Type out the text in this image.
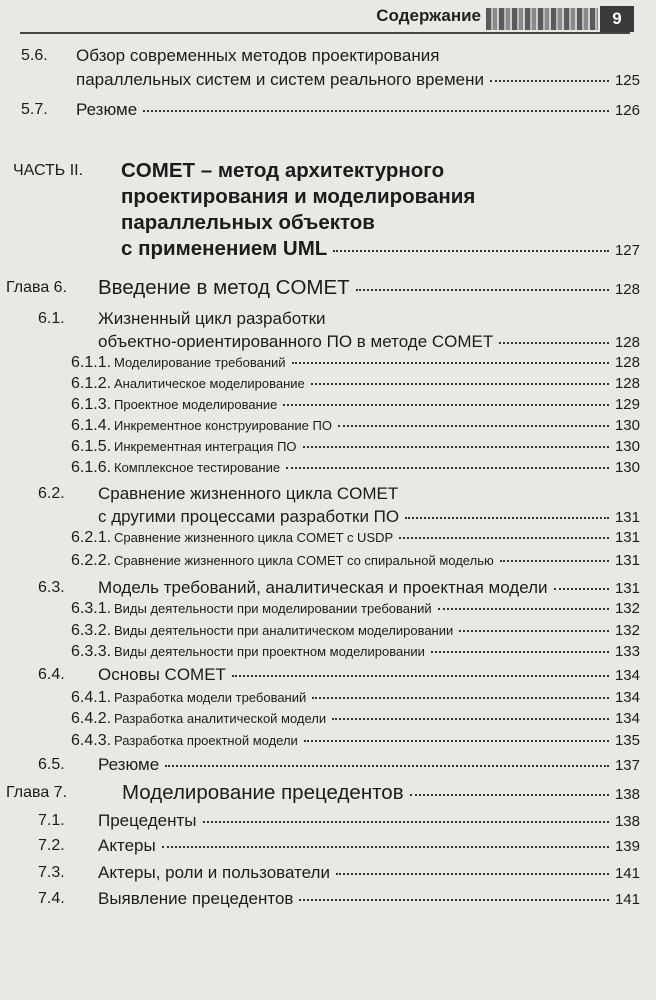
Содержание	9
5.6. Обзор современных методов проектирования
параллельных систем и систем реального времени	125
5.7. Резюме	126
ЧАСТЬ II. COMET – метод архитектурного
проектирования и моделирования
параллельных объектов
с применением UML	127
Глава 6. Введение в метод COMET	128
6.1. Жизненный цикл разработки
объектно-ориентированного ПО в методе COMET	128
6.1.1. Моделирование требований	128
6.1.2. Аналитическое моделирование	128
6.1.3. Проектное моделирование	129
6.1.4. Инкрементное конструирование ПО	130
6.1.5. Инкрементная интеграция ПО	130
6.1.6. Комплексное тестирование	130
6.2. Сравнение жизненного цикла COMET
с другими процессами разработки ПО	131
6.2.1. Сравнение жизненного цикла COMET с USDP	131
6.2.2. Сравнение жизненного цикла COMET со спиральной моделью	131
6.3. Модель требований, аналитическая и проектная модели	131
6.3.1. Виды деятельности при моделировании требований	132
6.3.2. Виды деятельности при аналитическом моделировании	132
6.3.3. Виды деятельности при проектном моделировании	133
6.4. Основы COMET	134
6.4.1. Разработка модели требований	134
6.4.2. Разработка аналитической модели	134
6.4.3. Разработка проектной модели	135
6.5. Резюме	137
Глава 7.	Моделирование прецедентов	138
7.1. Прецеденты	138
7.2. Актеры	139
7.3. Актеры, роли и пользователи	141
7.4. Выявление прецедентов	141
